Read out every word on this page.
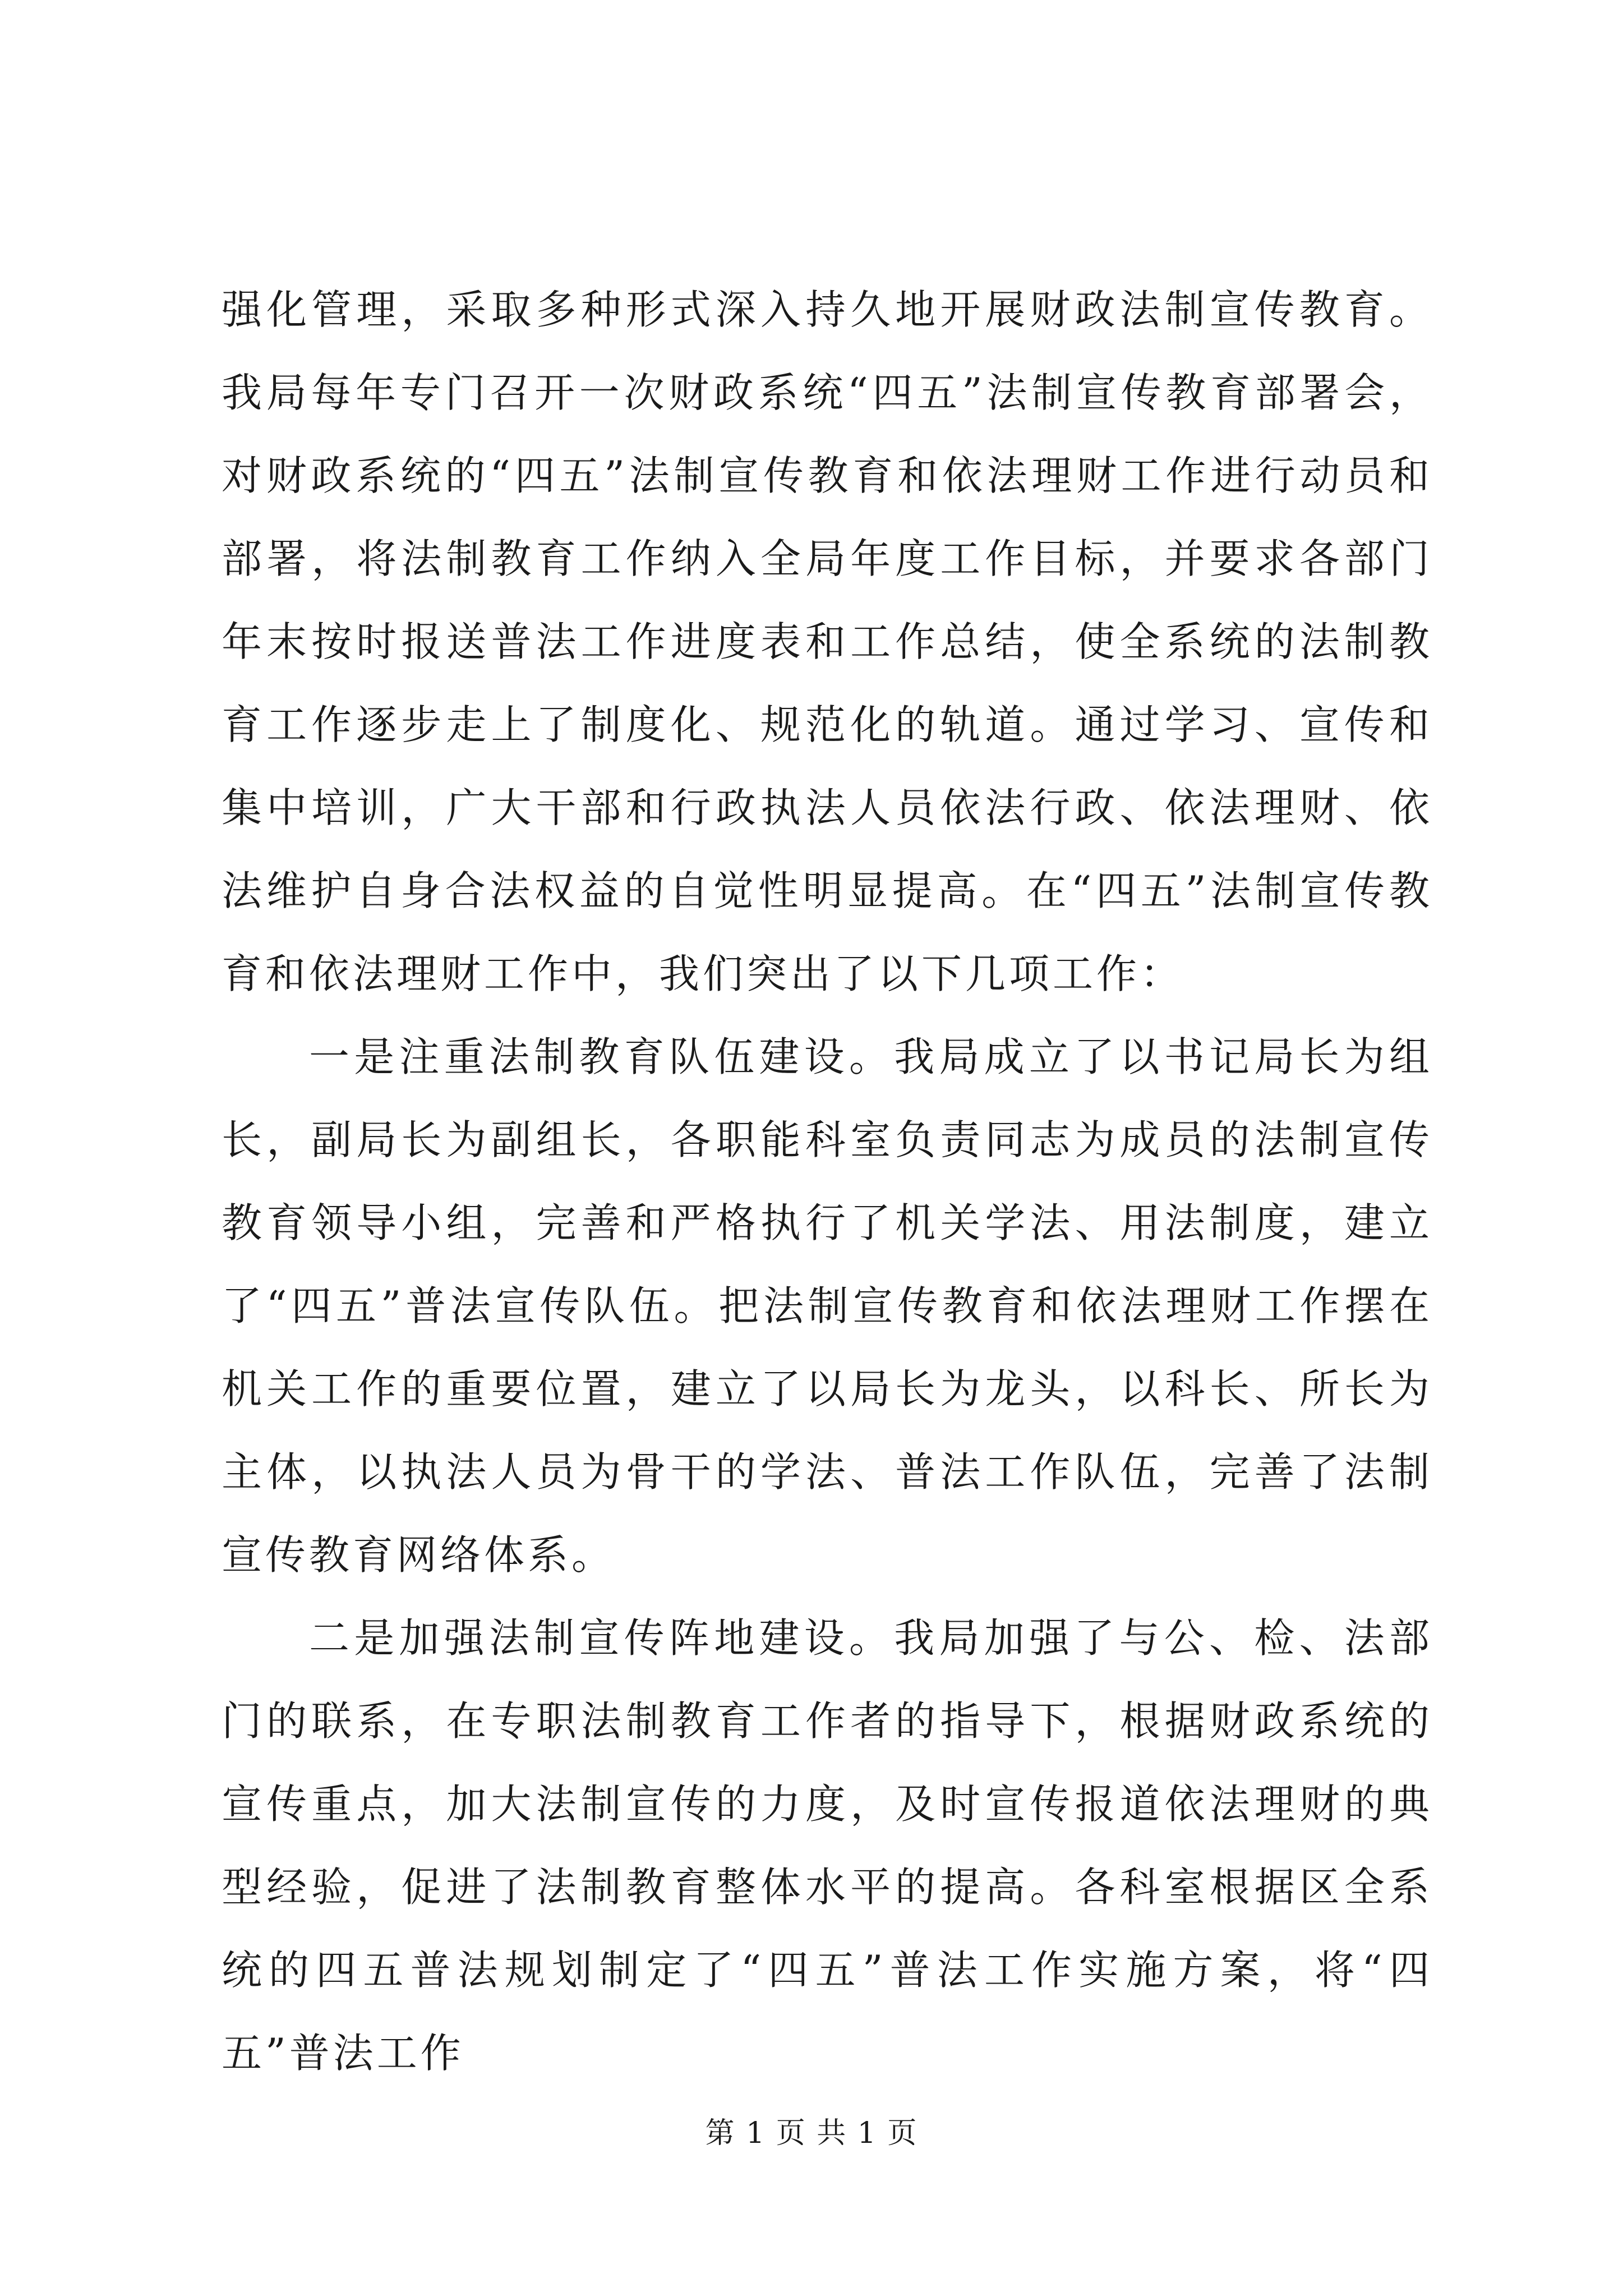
强化管理，采取多种形式深入持久地开展财政法制宣传教育。我局每年专门召开一次财政系统“四五”法制宣传教育部署会，对财政系统的“四五”法制宣传教育和依法理财工作进行动员和部署，将法制教育工作纳入全局年度工作目标，并要求各部门年末按时报送普法工作进度表和工作总结，使全系统的法制教育工作逐步走上了制度化、规范化的轨道。通过学习、宣传和集中培训，广大干部和行政执法人员依法行政、依法理财、依法维护自身合法权益的自觉性明显提高。在“四五”法制宣传教育和依法理财工作中，我们突出了以下几项工作：

一是注重法制教育队伍建设。我局成立了以书记局长为组长，副局长为副组长，各职能科室负责同志为成员的法制宣传教育领导小组，完善和严格执行了机关学法、用法制度，建立了“四五”普法宣传队伍。把法制宣传教育和依法理财工作摆在机关工作的重要位置，建立了以局长为龙头，以科长、所长为主体，以执法人员为骨干的学法、普法工作队伍，完善了法制宣传教育网络体系。

二是加强法制宣传阵地建设。我局加强了与公、检、法部门的联系，在专职法制教育工作者的指导下，根据财政系统的宣传重点，加大法制宣传的力度，及时宣传报道依法理财的典型经验，促进了法制教育整体水平的提高。各科室根据区全系统的四五普法规划制定了“四五”普法工作实施方案，将“四五”普法工作

第 1 页 共 1 页
